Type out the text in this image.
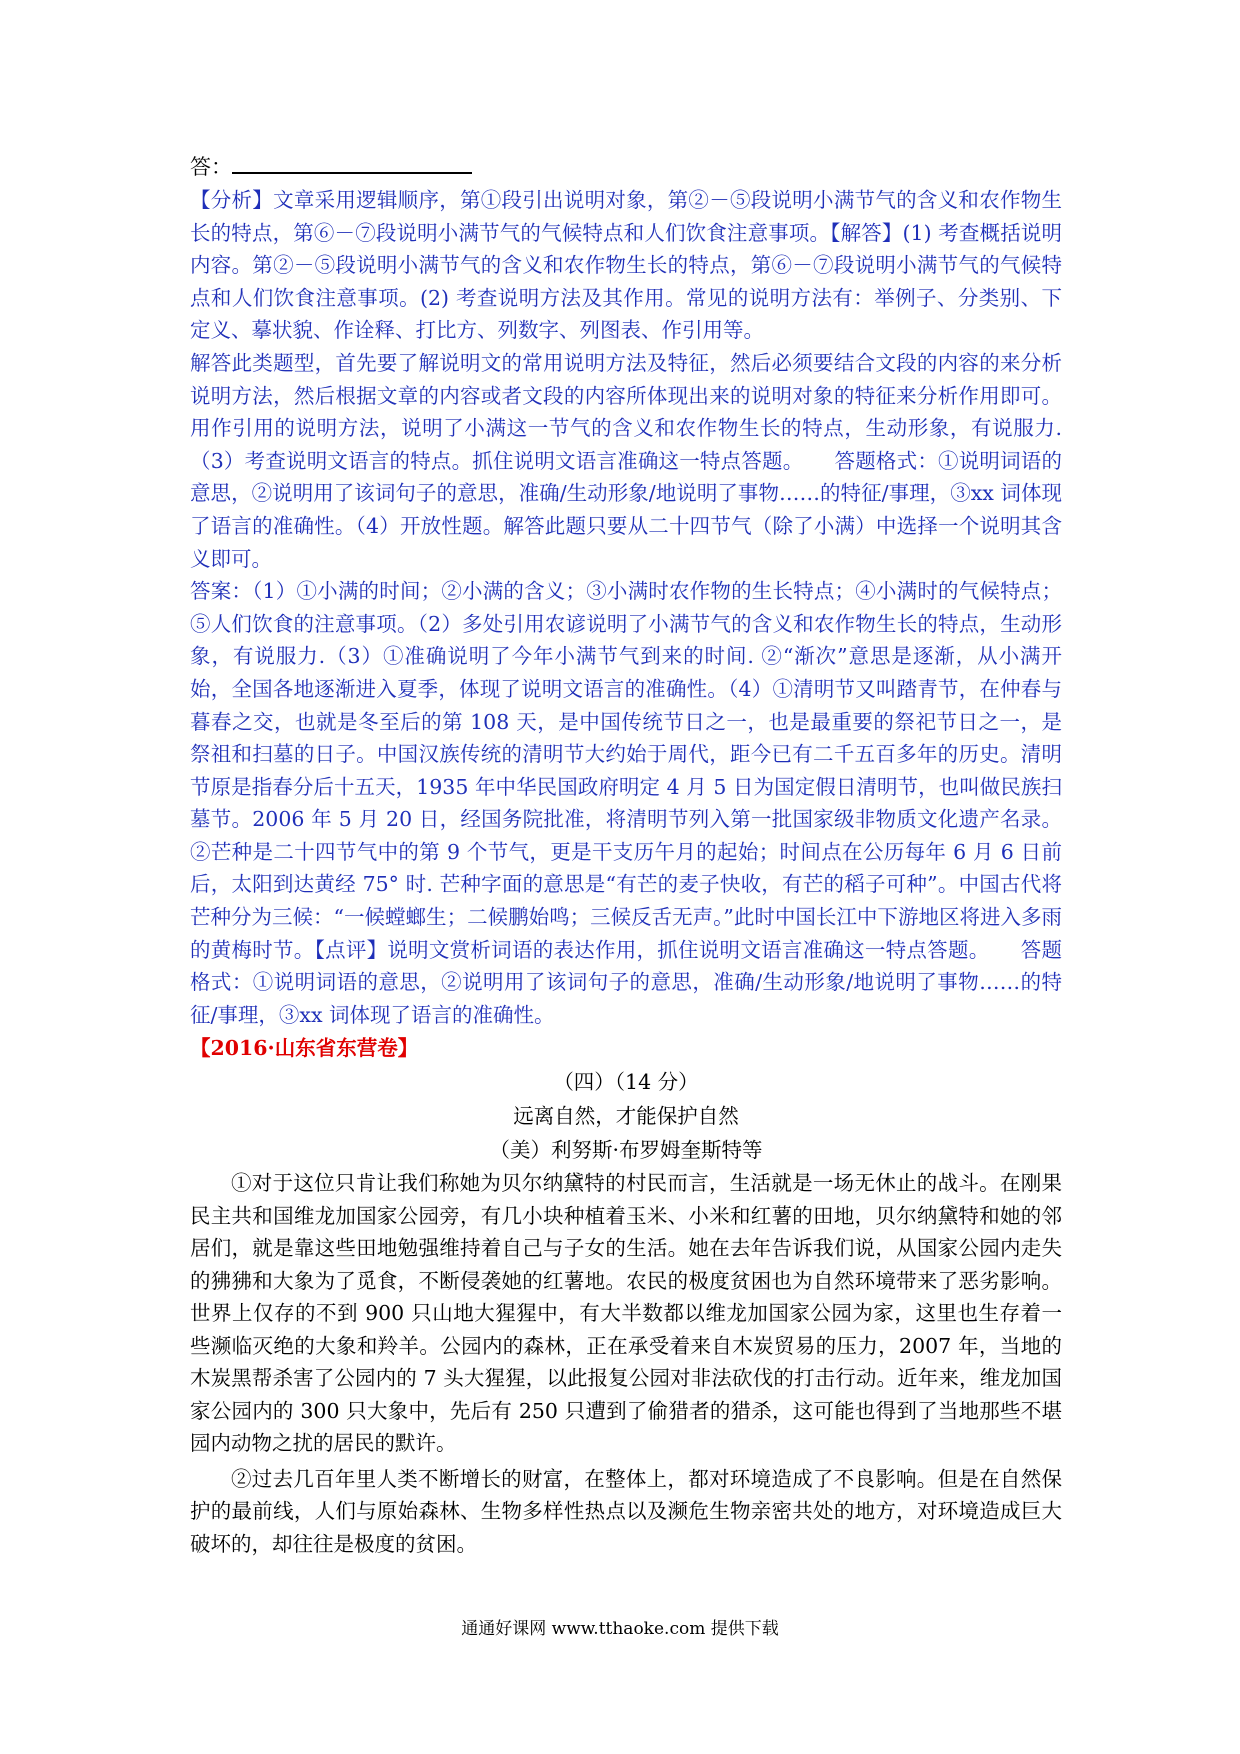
答：

【分析】文章采用逻辑顺序，第①段引出说明对象，第②－⑤段说明小满节气的含义和农作物生长的特点，第⑥－⑦段说明小满节气的气候特点和人们饮食注意事项。【解答】(1) 考查概括说明内容。第②－⑤段说明小满节气的含义和农作物生长的特点，第⑥－⑦段说明小满节气的气候特点和人们饮食注意事项。(2) 考查说明方法及其作用。常见的说明方法有：举例子、分类别、下定义、摹状貌、作诠释、打比方、列数字、列图表、作引用等。

解答此类题型，首先要了解说明文的常用说明方法及特征，然后必须要结合文段的内容的来分析说明方法，然后根据文章的内容或者文段的内容所体现出来的说明对象的特征来分析作用即可。用作引用的说明方法，说明了小满这一节气的含义和农作物生长的特点，生动形象，有说服力.（3）考查说明文语言的特点。抓住说明文语言准确这一特点答题。　　答题格式：①说明词语的意思，②说明用了该词句子的意思，准确/生动形象/地说明了事物……的特征/事理，③xx 词体现了语言的准确性。（4）开放性题。解答此题只要从二十四节气（除了小满）中选择一个说明其含义即可。

答案：（1）①小满的时间；②小满的含义；③小满时农作物的生长特点；④小满时的气候特点；⑤人们饮食的注意事项。（2）多处引用农谚说明了小满节气的含义和农作物生长的特点，生动形象，有说服力.（3）①准确说明了今年小满节气到来的时间. ②“渐次”意思是逐渐，从小满开始，全国各地逐渐进入夏季，体现了说明文语言的准确性。（4）①清明节又叫踏青节，在仲春与暮春之交，也就是冬至后的第 108 天，是中国传统节日之一，也是最重要的祭祀节日之一，是祭祖和扫墓的日子。中国汉族传统的清明节大约始于周代，距今已有二千五百多年的历史。清明节原是指春分后十五天，1935 年中华民国政府明定 4 月 5 日为国定假日清明节，也叫做民族扫墓节。2006 年 5 月 20 日，经国务院批准，将清明节列入第一批国家级非物质文化遗产名录。②芒种是二十四节气中的第 9 个节气，更是干支历午月的起始；时间点在公历每年 6 月 6 日前后，太阳到达黄经 75° 时. 芒种字面的意思是“有芒的麦子快收，有芒的稻子可种”。中国古代将芒种分为三候：“一候螳螂生；二候鹏始鸣；三候反舌无声。”此时中国长江中下游地区将进入多雨的黄梅时节。【点评】说明文赏析词语的表达作用，抓住说明文语言准确这一特点答题。　　答题格式：①说明词语的意思，②说明用了该词句子的意思，准确/生动形象/地说明了事物……的特征/事理，③xx 词体现了语言的准确性。

【2016·山东省东营卷】

（四）（14 分）

远离自然，才能保护自然

（美）利努斯·布罗姆奎斯特等

①对于这位只肯让我们称她为贝尔纳黛特的村民而言，生活就是一场无休止的战斗。在刚果民主共和国维龙加国家公园旁，有几小块种植着玉米、小米和红薯的田地，贝尔纳黛特和她的邻居们，就是靠这些田地勉强维持着自己与子女的生活。她在去年告诉我们说，从国家公园内走失的狒狒和大象为了觅食，不断侵袭她的红薯地。农民的极度贫困也为自然环境带来了恶劣影响。世界上仅存的不到 900 只山地大猩猩中，有大半数都以维龙加国家公园为家，这里也生存着一些濒临灭绝的大象和羚羊。公园内的森林，正在承受着来自木炭贸易的压力，2007 年，当地的木炭黑帮杀害了公园内的 7 头大猩猩，以此报复公园对非法砍伐的打击行动。近年来，维龙加国家公园内的 300 只大象中，先后有 250 只遭到了偷猎者的猎杀，这可能也得到了当地那些不堪园内动物之扰的居民的默许。

②过去几百年里人类不断增长的财富，在整体上，都对环境造成了不良影响。但是在自然保护的最前线，人们与原始森林、生物多样性热点以及濒危生物亲密共处的地方，对环境造成巨大破坏的，却往往是极度的贫困。

通通好课网 www.tthaoke.com 提供下载
